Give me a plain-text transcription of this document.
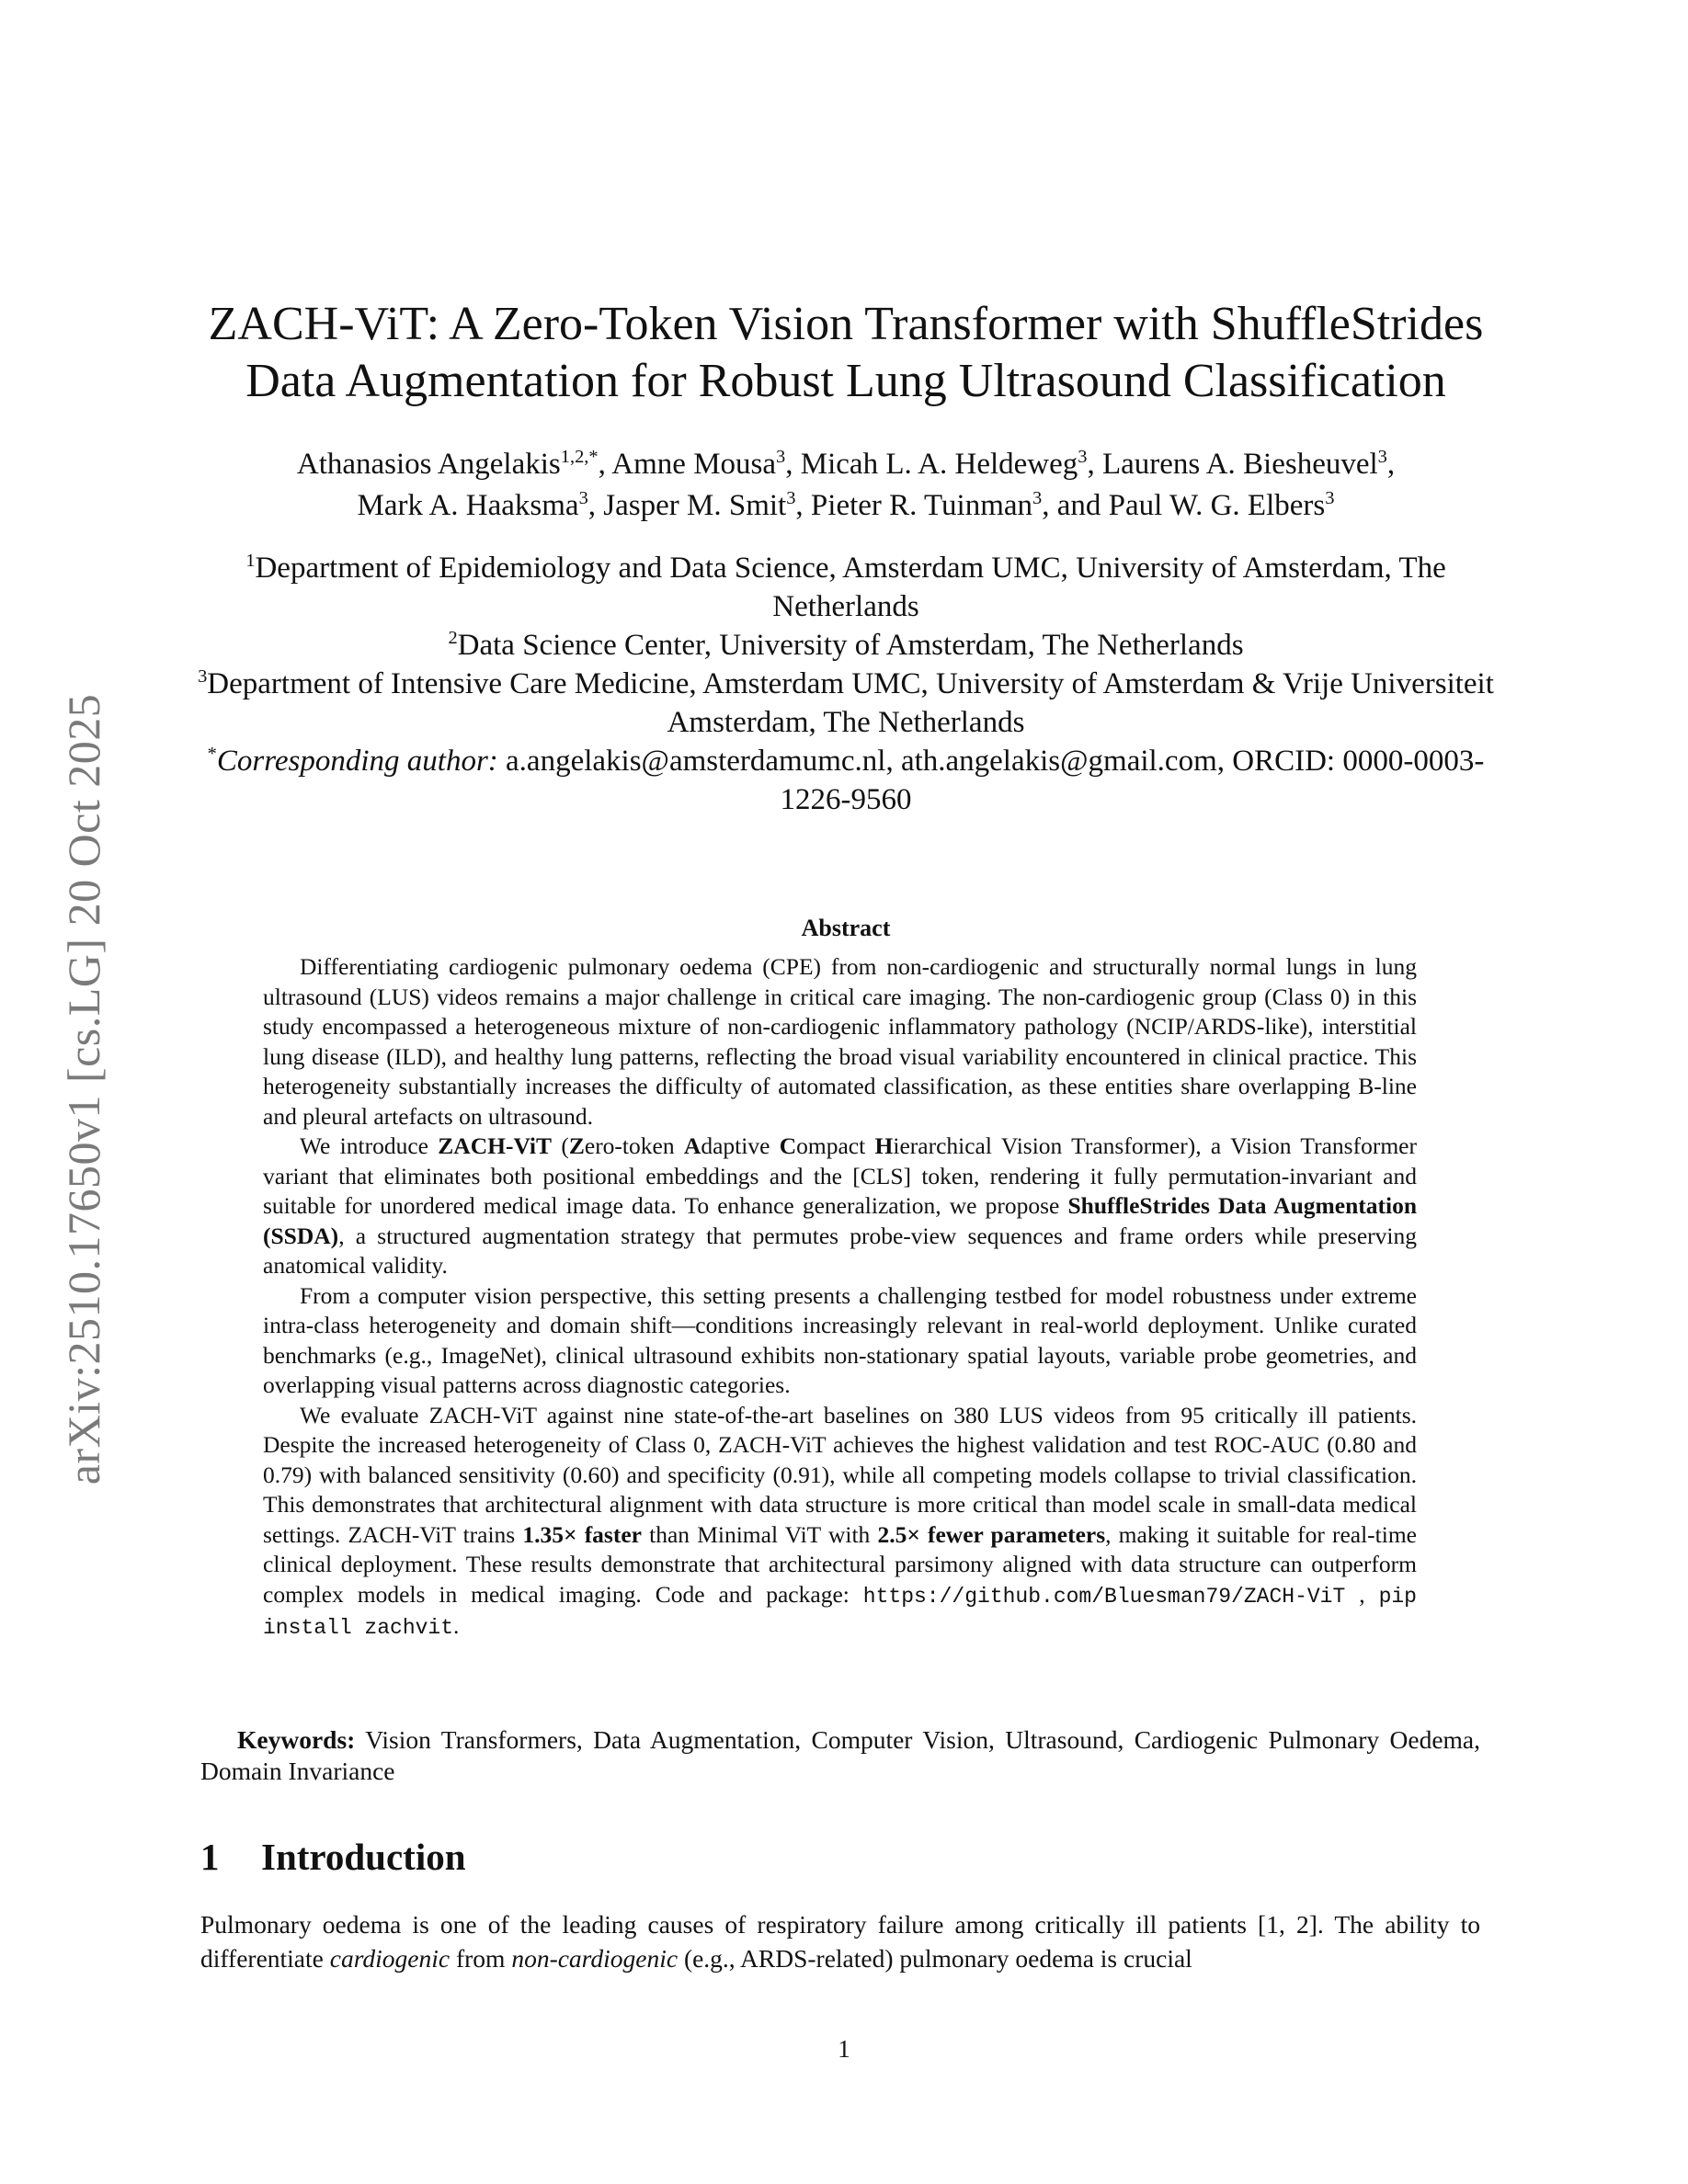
arXiv:2510.17650v1 [cs.LG] 20 Oct 2025
ZACH-ViT: A Zero-Token Vision Transformer with ShuffleStrides
Data Augmentation for Robust Lung Ultrasound Classification
Athanasios Angelakis$^{1,2,*}$, Amne Mousa$^3$, Micah L. A. Heldeweg$^3$, Laurens A. Biesheuvel$^3$,
Mark A. Haaksma$^3$, Jasper M. Smit$^3$, Pieter R. Tuinman$^3$, and Paul W. G. Elbers$^3$
$^1$Department of Epidemiology and Data Science, Amsterdam UMC, University of Amsterdam, The Netherlands
$^2$Data Science Center, University of Amsterdam, The Netherlands
$^3$Department of Intensive Care Medicine, Amsterdam UMC, University of Amsterdam & Vrije Universiteit Amsterdam, The Netherlands
*Corresponding author: a.angelakis@amsterdamumc.nl, ath.angelakis@gmail.com, ORCID: 0000-0003-1226-9560
Abstract

Differentiating cardiogenic pulmonary oedema (CPE) from non-cardiogenic and structurally normal lungs in lung ultrasound (LUS) videos remains a major challenge in critical care imaging. The non-cardiogenic group (Class 0) in this study encompassed a heterogeneous mixture of non-cardiogenic inflammatory pathology (NCIP/ARDS-like), interstitial lung disease (ILD), and healthy lung patterns, reflecting the broad visual variability encountered in clinical practice. This heterogeneity substantially increases the difficulty of automated classification, as these entities share overlapping B-line and pleural artefacts on ultrasound.

We introduce ZACH-ViT (Zero-token Adaptive Compact Hierarchical Vision Transformer), a Vision Transformer variant that eliminates both positional embeddings and the [CLS] token, rendering it fully permutation-invariant and suitable for unordered medical image data. To enhance generalization, we propose ShuffleStrides Data Augmentation (SSDA), a structured augmentation strategy that permutes probe-view sequences and frame orders while preserving anatomical validity.

From a computer vision perspective, this setting presents a challenging testbed for model robustness under extreme intra-class heterogeneity and domain shift—conditions increasingly relevant in real-world deployment. Unlike curated benchmarks (e.g., ImageNet), clinical ultrasound exhibits non-stationary spatial layouts, variable probe geometries, and overlapping visual patterns across diagnostic categories.

We evaluate ZACH-ViT against nine state-of-the-art baselines on 380 LUS videos from 95 critically ill patients. Despite the increased heterogeneity of Class 0, ZACH-ViT achieves the highest validation and test ROC-AUC (0.80 and 0.79) with balanced sensitivity (0.60) and specificity (0.91), while all competing models collapse to trivial classification. This demonstrates that architectural alignment with data structure is more critical than model scale in small-data medical settings. ZACH-ViT trains 1.35× faster than Minimal ViT with 2.5× fewer parameters, making it suitable for real-time clinical deployment. These results demonstrate that architectural parsimony aligned with data structure can outperform complex models in medical imaging. Code and package: https://github.com/Bluesman79/ZACH-ViT , pip install zachvit.

Keywords: Vision Transformers, Data Augmentation, Computer Vision, Ultrasound, Cardiogenic Pulmonary Oedema, Domain Invariance
1 Introduction

Pulmonary oedema is one of the leading causes of respiratory failure among critically ill patients [1, 2]. The ability to differentiate cardiogenic from non-cardiogenic (e.g., ARDS-related) pulmonary oedema is crucial

1
